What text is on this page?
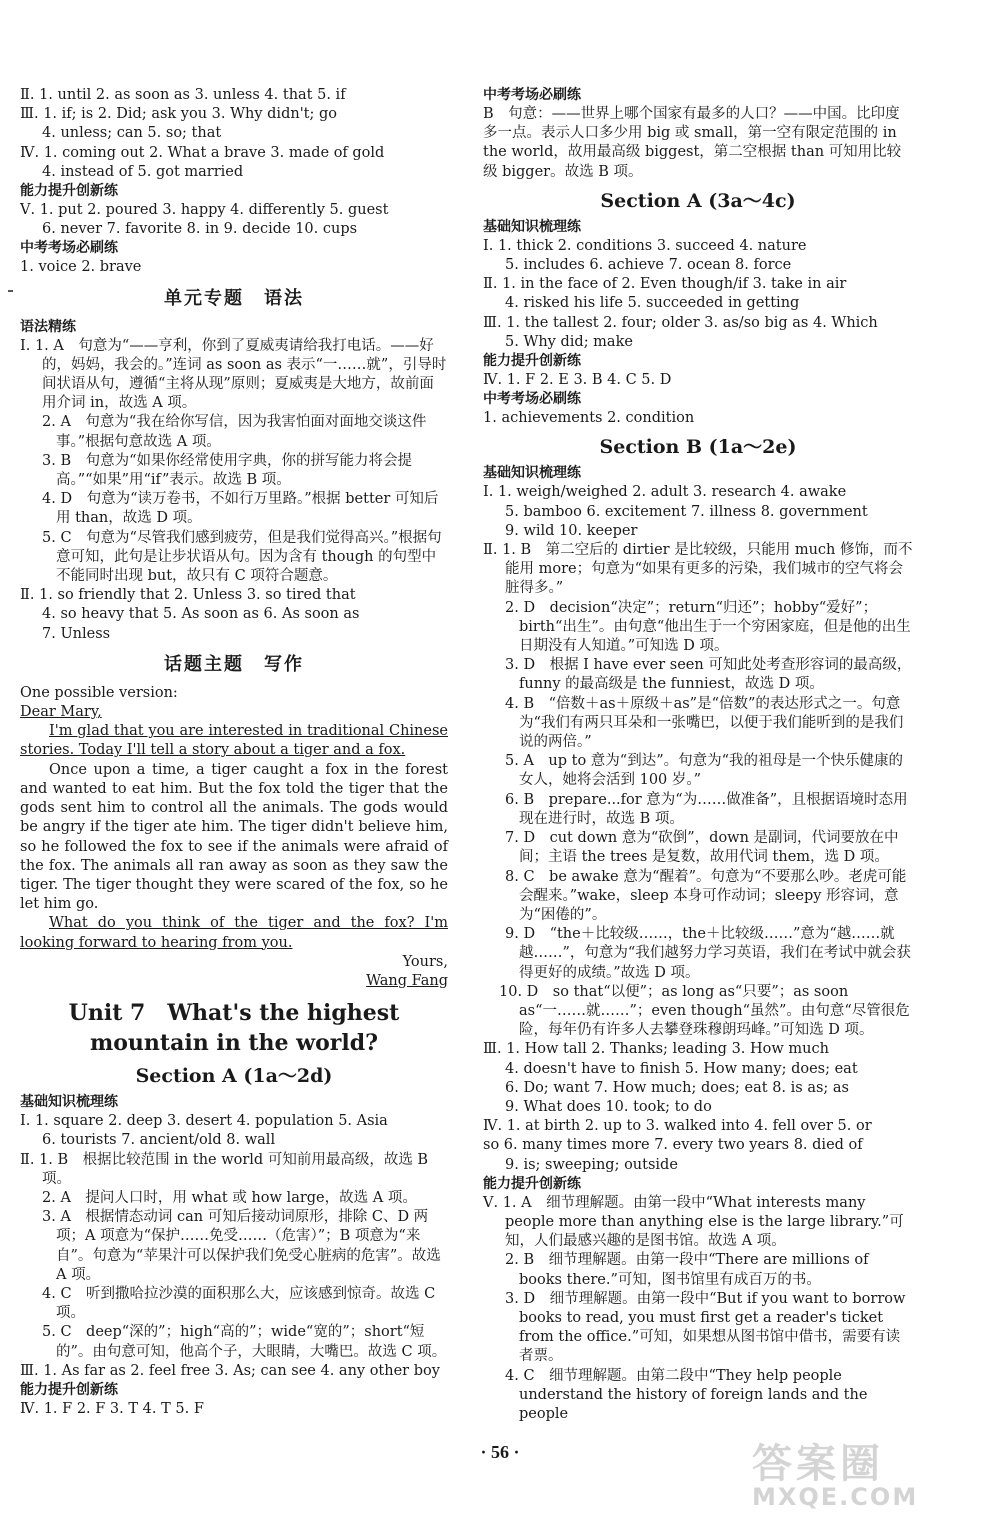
Ⅱ. 1. until 2. as soon as 3. unless 4. that 5. if
Ⅲ. 1. if; is 2. Did; ask you 3. Why didn't; go
4. unless; can 5. so; that
Ⅳ. 1. coming out 2. What a brave 3. made of gold
4. instead of 5. got married
能力提升创新练
Ⅴ. 1. put 2. poured 3. happy 4. differently 5. guest
6. never 7. favorite 8. in 9. decide 10. cups
中考考场必刷练
1. voice 2. brave
单元专题　语法
语法精练
Ⅰ. 1. A　句意为“——亨利，你到了夏威夷请给我打电话。——好的，妈妈，我会的。”连词 as soon as 表示“一……就”，引导时间状语从句，遵循“主将从现”原则；夏威夷是大地方，故前面用介词 in，故选 A 项。
2. A　句意为“我在给你写信，因为我害怕面对面地交谈这件事。”根据句意故选 A 项。
3. B　句意为“如果你经常使用字典，你的拼写能力将会提高。”“如果”用“if”表示。故选 B 项。
4. D　句意为“读万卷书，不如行万里路。”根据 better 可知后用 than，故选 D 项。
5. C　句意为“尽管我们感到疲劳，但是我们觉得高兴。”根据句意可知，此句是让步状语从句。因为含有 though 的句型中不能同时出现 but，故只有 C 项符合题意。
Ⅱ. 1. so friendly that 2. Unless 3. so tired that
4. so heavy that 5. As soon as 6. As soon as
7. Unless
话题主题　写作
One possible version:
Dear Mary,
I'm glad that you are interested in traditional Chinese stories. Today I'll tell a story about a tiger and a fox.
Once upon a time, a tiger caught a fox in the forest and wanted to eat him. But the fox told the tiger that the gods sent him to control all the animals. The gods would be angry if the tiger ate him. The tiger didn't believe him, so he followed the fox to see if the animals were afraid of the fox. The animals all ran away as soon as they saw the tiger. The tiger thought they were scared of the fox, so he let him go.
What do you think of the tiger and the fox? I'm looking forward to hearing from you.
Yours,
Wang Fang
Unit 7　What's the highest
mountain in the world?
Section A (1a～2d)
基础知识梳理练
Ⅰ. 1. square 2. deep 3. desert 4. population 5. Asia
6. tourists 7. ancient/old 8. wall
Ⅱ. 1. B　根据比较范围 in the world 可知前用最高级，故选 B 项。
2. A　提问人口时，用 what 或 how large，故选 A 项。
3. A　根据情态动词 can 可知后接动词原形，排除 C、D 两项；A 项意为“保护……免受……（危害）”；B 项意为“来自”。句意为“苹果汁可以保护我们免受心脏病的危害”。故选 A 项。
4. C　听到撒哈拉沙漠的面积那么大，应该感到惊奇。故选 C 项。
5. C　deep“深的”；high“高的”；wide“宽的”；short“短的”。由句意可知，他高个子，大眼睛，大嘴巴。故选 C 项。
Ⅲ. 1. As far as 2. feel free 3. As; can see 4. any other boy
能力提升创新练
Ⅳ. 1. F 2. F 3. T 4. T 5. F
中考考场必刷练
B　句意：——世界上哪个国家有最多的人口？——中国。比印度多一点。表示人口多少用 big 或 small，第一空有限定范围的 in the world，故用最高级 biggest，第二空根据 than 可知用比较级 bigger。故选 B 项。
Section A (3a～4c)
基础知识梳理练
Ⅰ. 1. thick 2. conditions 3. succeed 4. nature
5. includes 6. achieve 7. ocean 8. force
Ⅱ. 1. in the face of 2. Even though/if 3. take in air
4. risked his life 5. succeeded in getting
Ⅲ. 1. the tallest 2. four; older 3. as/so big as 4. Which
5. Why did; make
能力提升创新练
Ⅳ. 1. F 2. E 3. B 4. C 5. D
中考考场必刷练
1. achievements 2. condition
Section B (1a～2e)
基础知识梳理练
Ⅰ. 1. weigh/weighed 2. adult 3. research 4. awake
5. bamboo 6. excitement 7. illness 8. government
9. wild 10. keeper
Ⅱ. 1. B　第二空后的 dirtier 是比较级，只能用 much 修饰，而不能用 more；句意为“如果有更多的污染，我们城市的空气将会脏得多。”
2. D　decision“决定”；return“归还”；hobby“爱好”；birth“出生”。由句意“他出生于一个穷困家庭，但是他的出生日期没有人知道。”可知选 D 项。
3. D　根据 I have ever seen 可知此处考查形容词的最高级，funny 的最高级是 the funniest，故选 D 项。
4. B　“倍数＋as＋原级＋as”是“倍数”的表达形式之一。句意为“我们有两只耳朵和一张嘴巴，以便于我们能听到的是我们说的两倍。”
5. A　up to 意为“到达”。句意为“我的祖母是一个快乐健康的女人，她将会活到 100 岁。”
6. B　prepare...for 意为“为……做准备”，且根据语境时态用现在进行时，故选 B 项。
7. D　cut down 意为“砍倒”，down 是副词，代词要放在中间；主语 the trees 是复数，故用代词 them，选 D 项。
8. C　be awake 意为“醒着”。句意为“不要那么吵。老虎可能会醒来。”wake，sleep 本身可作动词；sleepy 形容词，意为“困倦的”。
9. D　“the＋比较级……，the＋比较级……”意为“越……就越……”，句意为“我们越努力学习英语，我们在考试中就会获得更好的成绩。”故选 D 项。
10. D　so that“以便”；as long as“只要”；as soon as“一……就……”；even though“虽然”。由句意“尽管很危险，每年仍有许多人去攀登珠穆朗玛峰。”可知选 D 项。
Ⅲ. 1. How tall 2. Thanks; leading 3. How much
4. doesn't have to finish 5. How many; does; eat
6. Do; want 7. How much; does; eat 8. is as; as
9. What does 10. took; to do
Ⅳ. 1. at birth 2. up to 3. walked into 4. fell over 5. or
so 6. many times more 7. every two years 8. died of
9. is; sweeping; outside
能力提升创新练
Ⅴ. 1. A　细节理解题。由第一段中“What interests many people more than anything else is the large library.”可知，人们最感兴趣的是图书馆。故选 A 项。
2. B　细节理解题。由第一段中“There are millions of books there.”可知，图书馆里有成百万的书。
3. D　细节理解题。由第一段中“But if you want to borrow books to read, you must first get a reader's ticket from the office.”可知，如果想从图书馆中借书，需要有读者票。
4. C　细节理解题。由第二段中“They help people understand the history of foreign lands and the people
· 56 ·	答案圈
MXQE.COM
